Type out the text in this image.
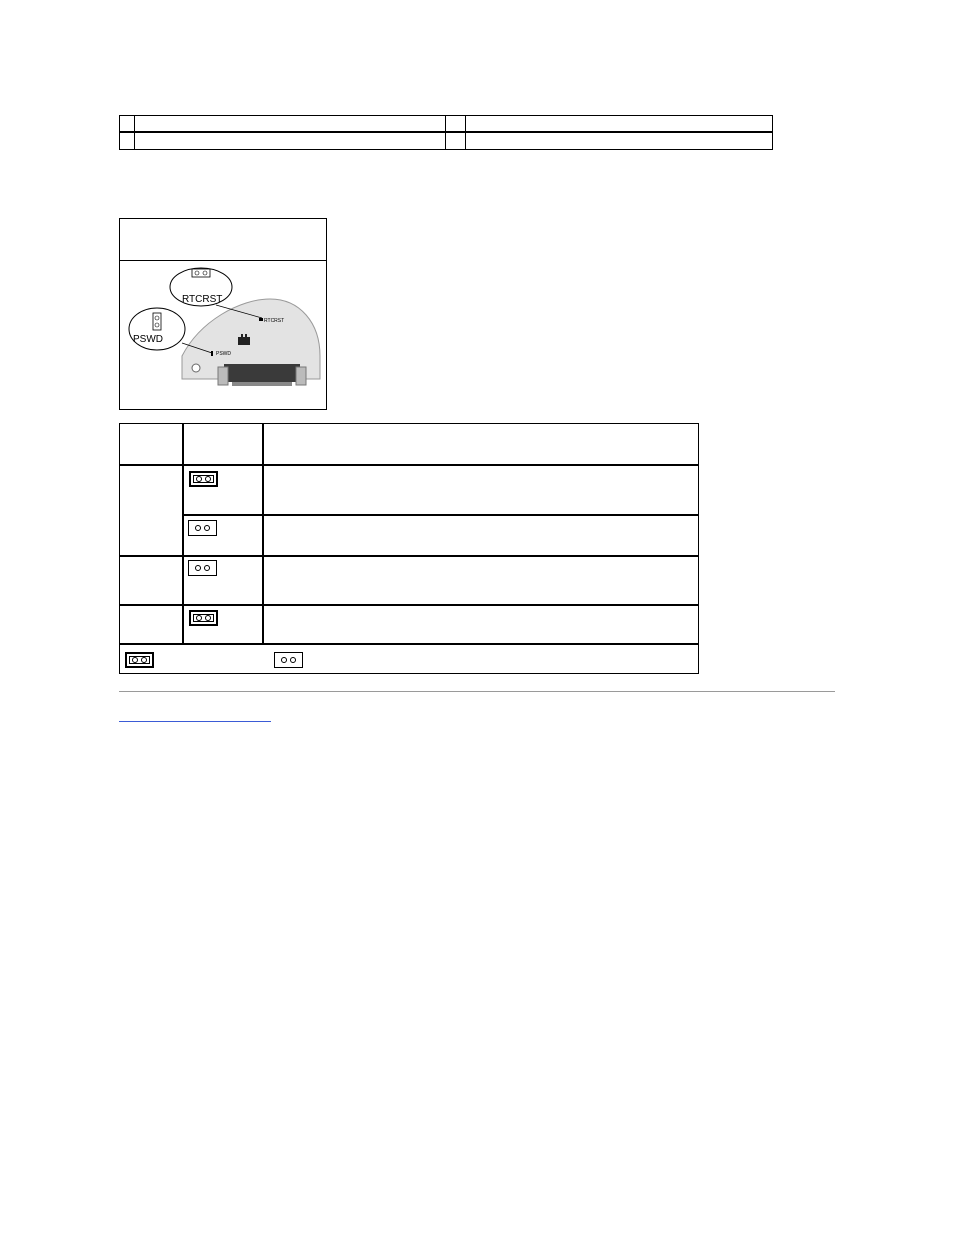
RTCRST
PSWD
RTCRST
PSWD
